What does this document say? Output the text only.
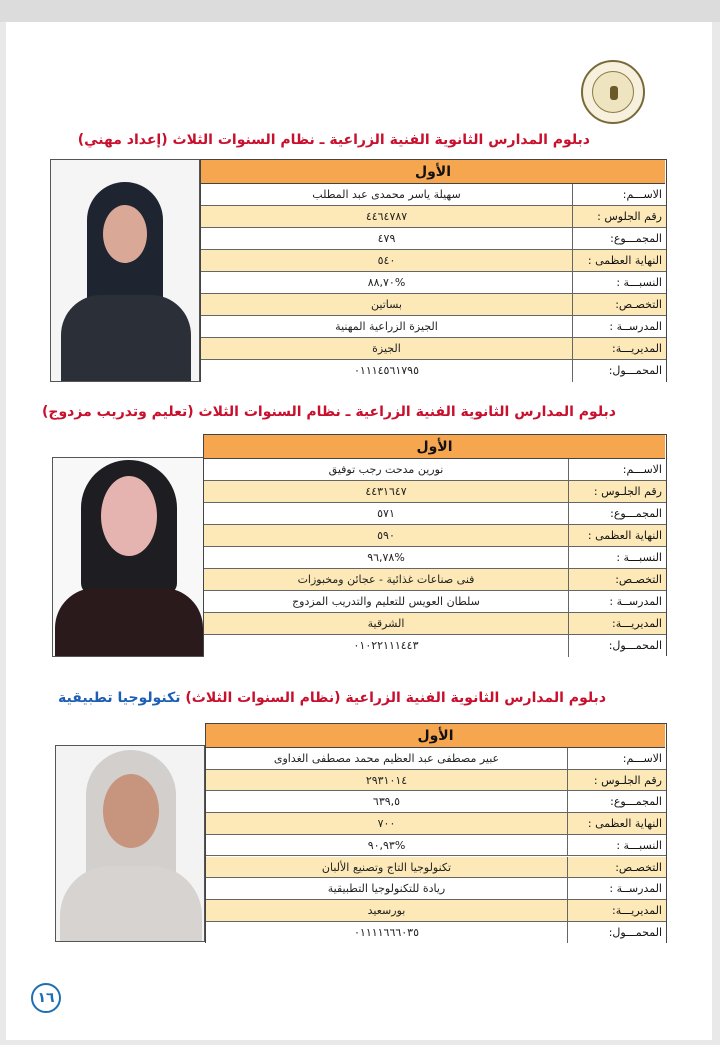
دبلوم المدارس الثانوية الفنية الزراعية ـ نظام السنوات الثلاث (إعداد مهني)
الأول
سهيلة ياسر محمدى عبد المطلب	الاســـم:
٤٤٦٤٧٨٧	رقم الجلوس :
٤٧٩	المجمـــوع:
٥٤٠	النهاية العظمى :
%٨٨,٧٠	النسبـــة :
بساتين	التخصـص:
الجيزة الزراعية المهنية	المدرســة :
الجيزة	المديريـــة:
٠١١١٤٥٦١٧٩٥	المحمـــول:
دبلوم المدارس الثانوية الفنية الزراعية ـ نظام السنوات الثلاث (تعليم وتدريب مزدوج)
الأول
نورين مدحت رجب توفيق	الاســـم:
٤٤٣١٦٤٧	رقم الجلـوس :
٥٧١	المجمـــوع:
٥٩٠	النهاية العظمى :
%٩٦,٧٨	النسبـــة :
فنى صناعات غذائية - عجائن ومخبوزات	التخصـص:
سلطان العويس للتعليم والتدريب المزدوج	المدرســة :
الشرقية	المديريـــة:
٠١٠٢٢١١١٤٤٣	المحمـــول:
دبلوم المدارس الثانوية الفنية الزراعية (نظام السنوات الثلاث) تكنولوجيا تطبيقية
الأول
عبير مصطفى عبد العظيم محمد مصطفى الغداوى	الاســـم:
٢٩٣١٠١٤	رقم الجلـوس :
٦٣٩,٥	المجمـــوع:
٧٠٠	النهاية العظمى :
%٩٠,٩٣	النسبـــة :
تكنولوجيا التاج وتصنيع الألبان	التخصـص:
ريادة للتكنولوجيا التطبيقية	المدرســة :
بورسعيد	المديريـــة:
٠١١١١٦٦٦٠٣٥	المحمـــول:
١٦
